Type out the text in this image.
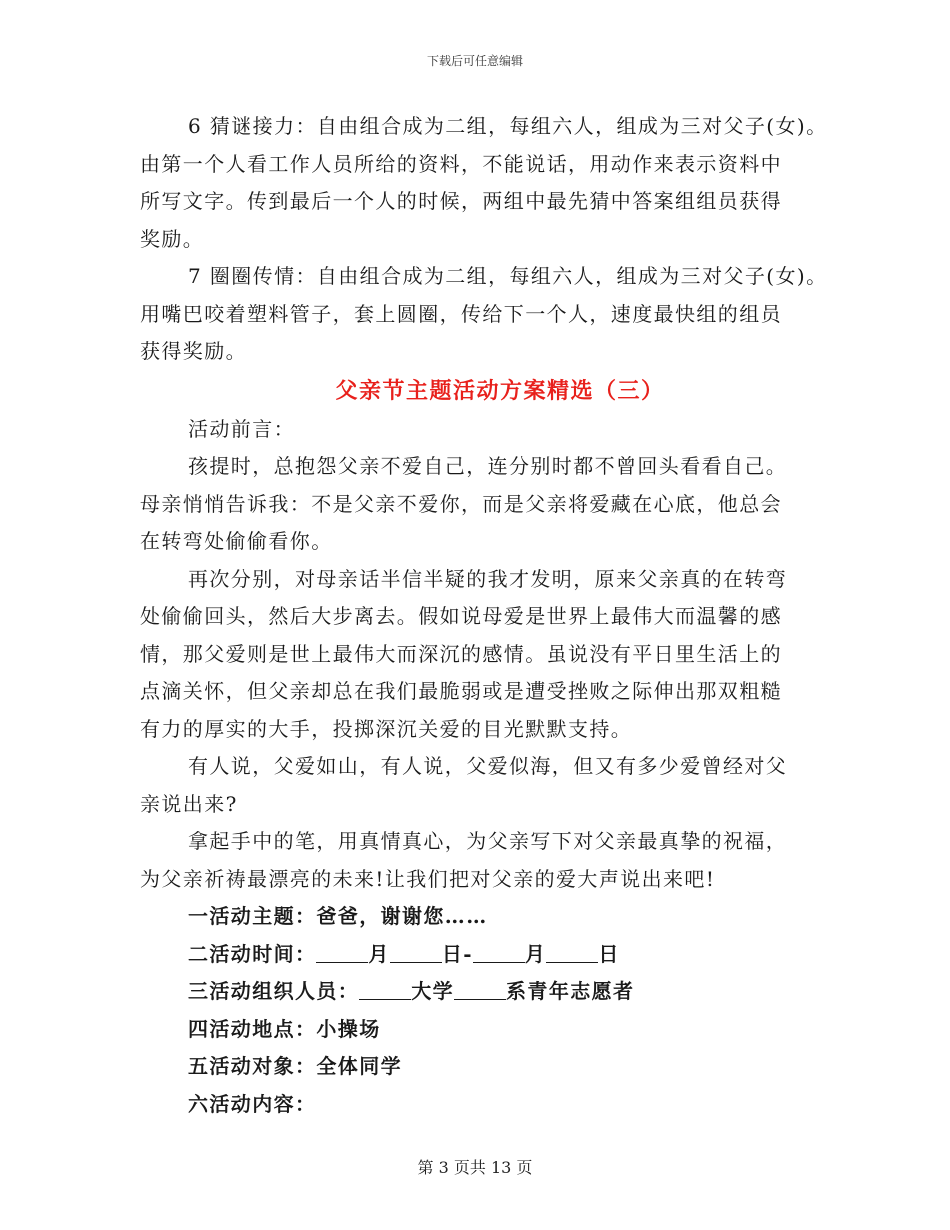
下载后可任意编辑

6 猜谜接力：自由组合成为二组，每组六人，组成为三对父子(女)。
由第一个人看工作人员所给的资料，不能说话，用动作来表示资料中
所写文字。传到最后一个人的时候，两组中最先猜中答案组组员获得
奖励。

7 圈圈传情：自由组合成为二组，每组六人，组成为三对父子(女)。
用嘴巴咬着塑料管子，套上圆圈，传给下一个人，速度最快组的组员
获得奖励。

父亲节主题活动方案精选（三）

活动前言：

孩提时，总抱怨父亲不爱自己，连分别时都不曾回头看看自己。
母亲悄悄告诉我：不是父亲不爱你，而是父亲将爱藏在心底，他总会
在转弯处偷偷看你。

再次分别，对母亲话半信半疑的我才发明，原来父亲真的在转弯
处偷偷回头，然后大步离去。假如说母爱是世界上最伟大而温馨的感
情，那父爱则是世上最伟大而深沉的感情。虽说没有平日里生活上的
点滴关怀，但父亲却总在我们最脆弱或是遭受挫败之际伸出那双粗糙
有力的厚实的大手，投掷深沉关爱的目光默默支持。

有人说，父爱如山，有人说，父爱似海，但又有多少爱曾经对父
亲说出来?

拿起手中的笔，用真情真心，为父亲写下对父亲最真挚的祝福，
为父亲祈祷最漂亮的未来!让我们把对父亲的爱大声说出来吧!

一活动主题：爸爸，谢谢您……

二活动时间：	月	日-	月	日

三活动组织人员：	大学	系青年志愿者

四活动地点：小操场

五活动对象：全体同学

六活动内容：

第 3 页共 13 页
